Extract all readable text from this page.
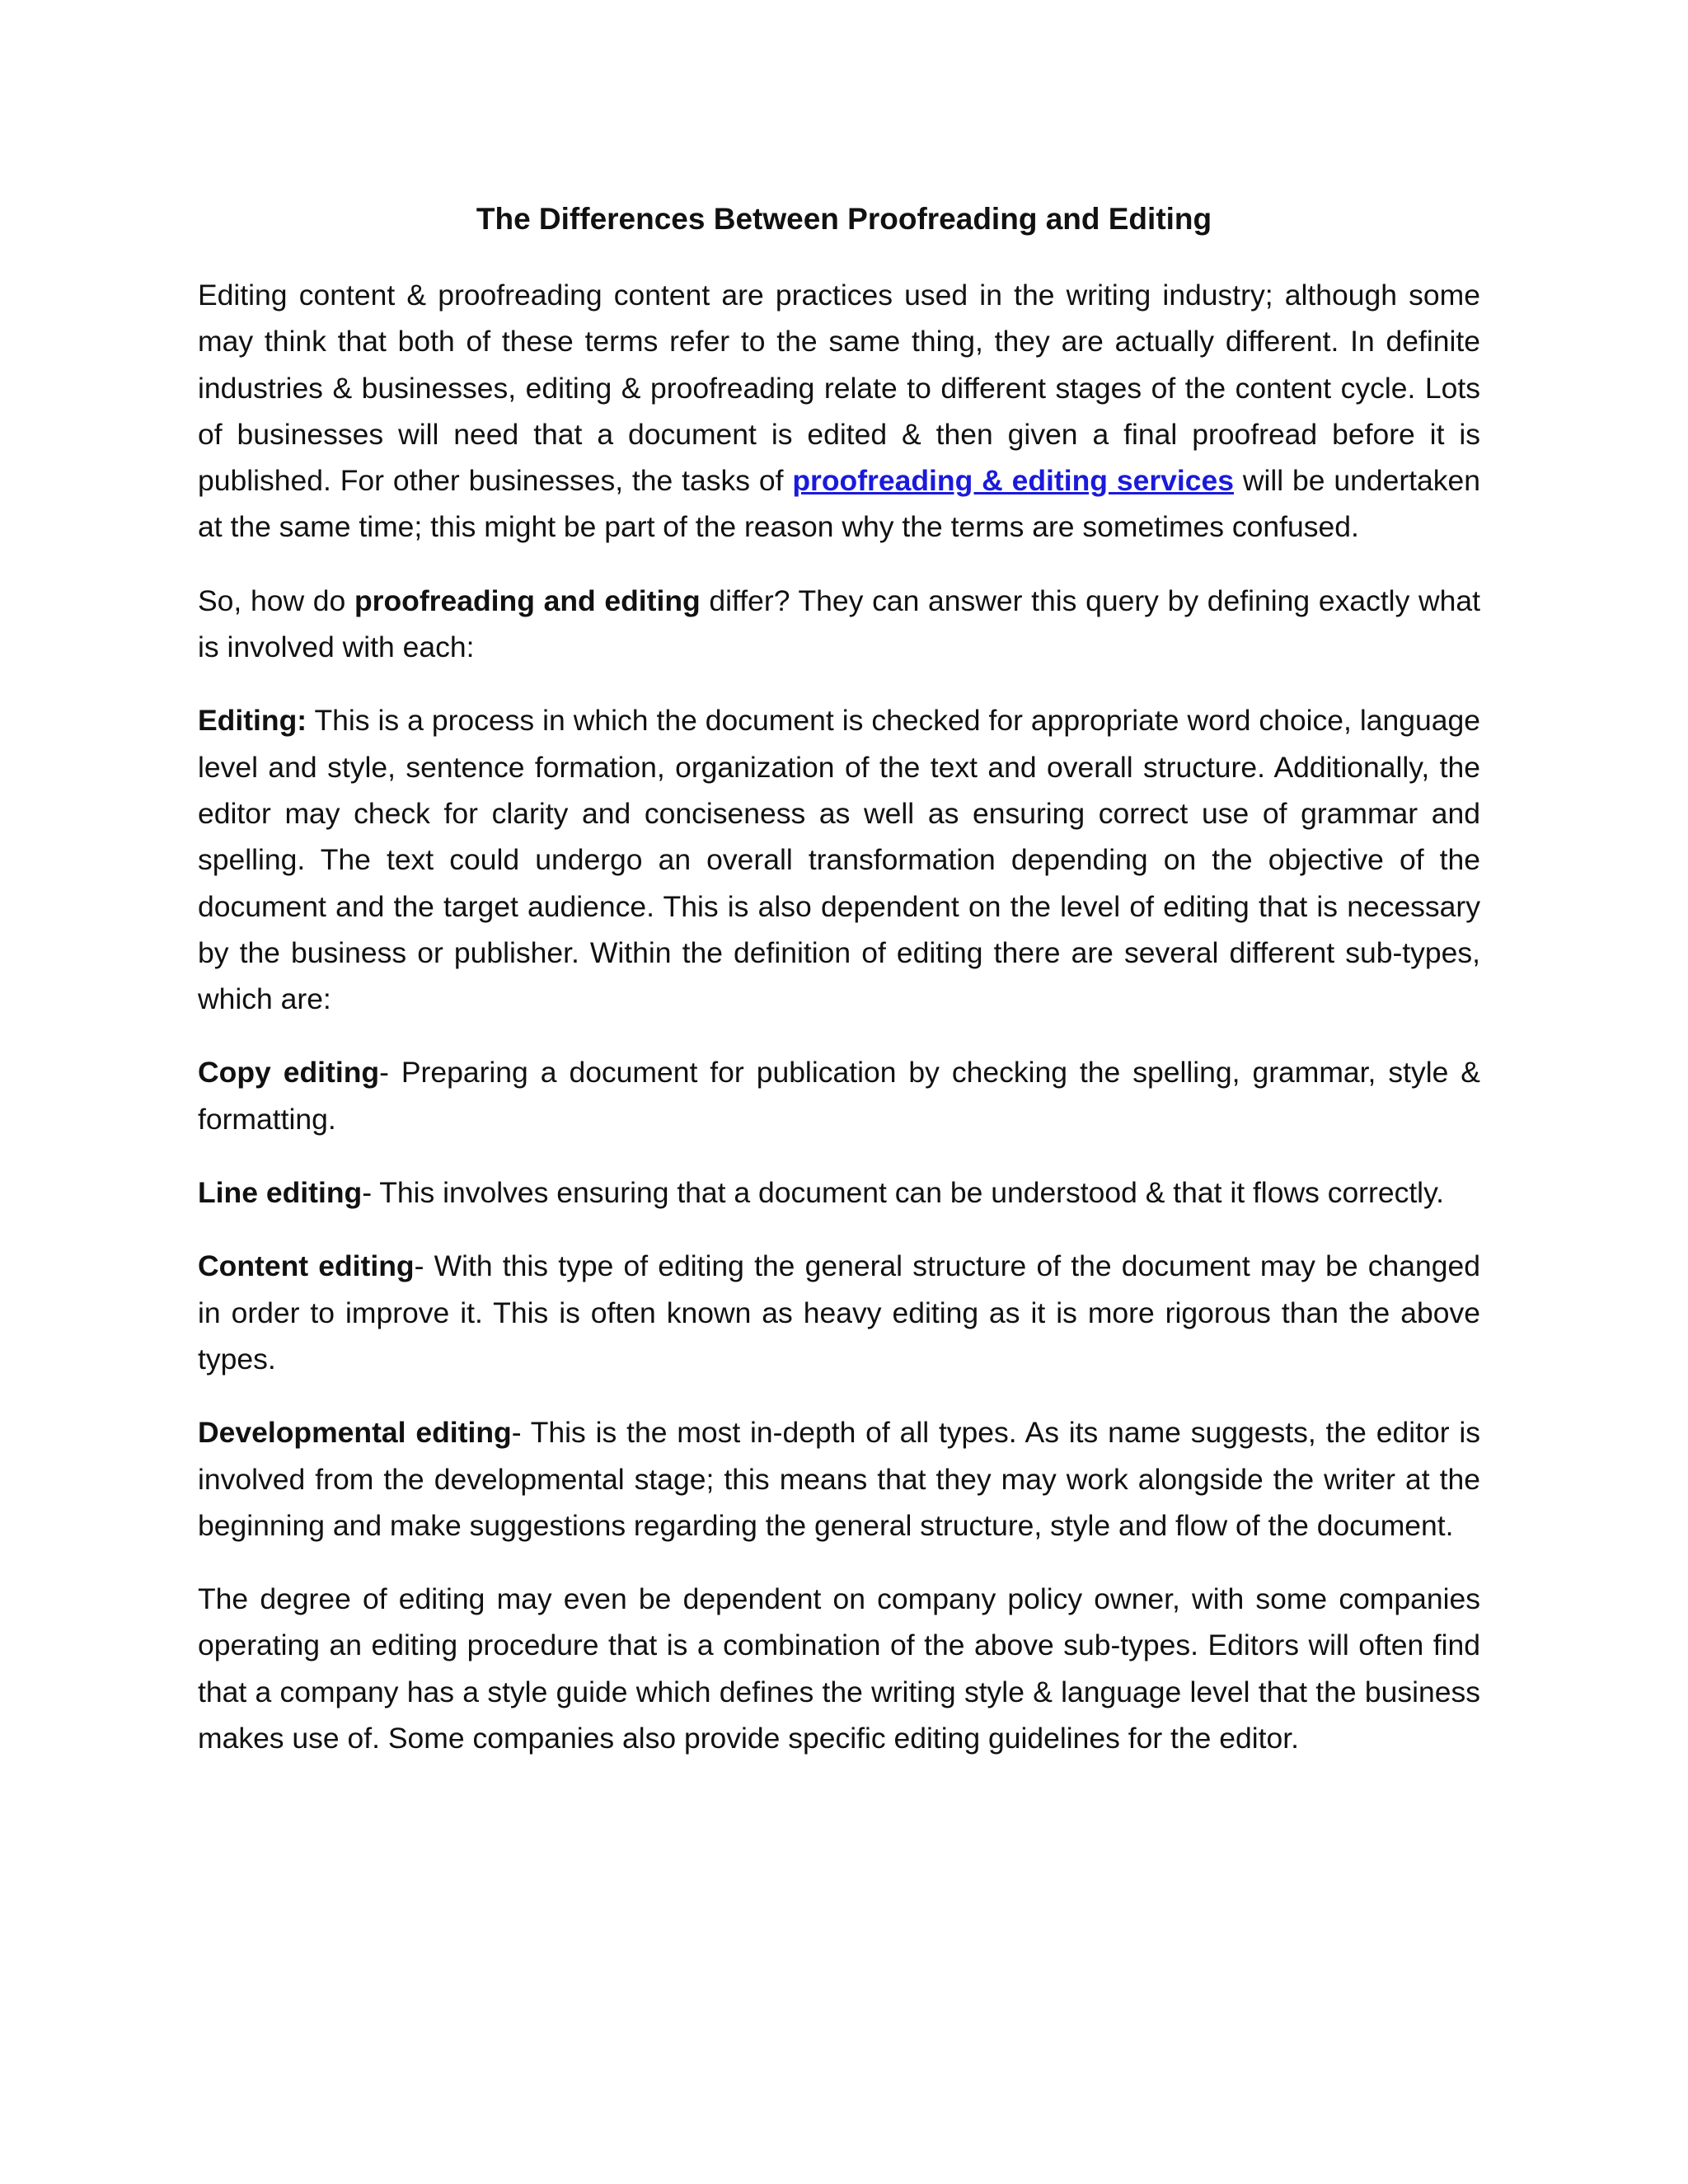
The Differences Between Proofreading and Editing

Editing content & proofreading content are practices used in the writing industry; although some may think that both of these terms refer to the same thing, they are actually different. In definite industries & businesses, editing & proofreading relate to different stages of the content cycle. Lots of businesses will need that a document is edited & then given a final proofread before it is published. For other businesses, the tasks of proofreading & editing services will be undertaken at the same time; this might be part of the reason why the terms are sometimes confused.

So, how do proofreading and editing differ? They can answer this query by defining exactly what is involved with each:

Editing: This is a process in which the document is checked for appropriate word choice, language level and style, sentence formation, organization of the text and overall structure. Additionally, the editor may check for clarity and conciseness as well as ensuring correct use of grammar and spelling. The text could undergo an overall transformation depending on the objective of the document and the target audience. This is also dependent on the level of editing that is necessary by the business or publisher. Within the definition of editing there are several different sub-types, which are:

Copy editing- Preparing a document for publication by checking the spelling, grammar, style & formatting.

Line editing- This involves ensuring that a document can be understood & that it flows correctly.

Content editing- With this type of editing the general structure of the document may be changed in order to improve it. This is often known as heavy editing as it is more rigorous than the above types.

Developmental editing- This is the most in-depth of all types. As its name suggests, the editor is involved from the developmental stage; this means that they may work alongside the writer at the beginning and make suggestions regarding the general structure, style and flow of the document.

The degree of editing may even be dependent on company policy owner, with some companies operating an editing procedure that is a combination of the above sub-types. Editors will often find that a company has a style guide which defines the writing style & language level that the business makes use of. Some companies also provide specific editing guidelines for the editor.
